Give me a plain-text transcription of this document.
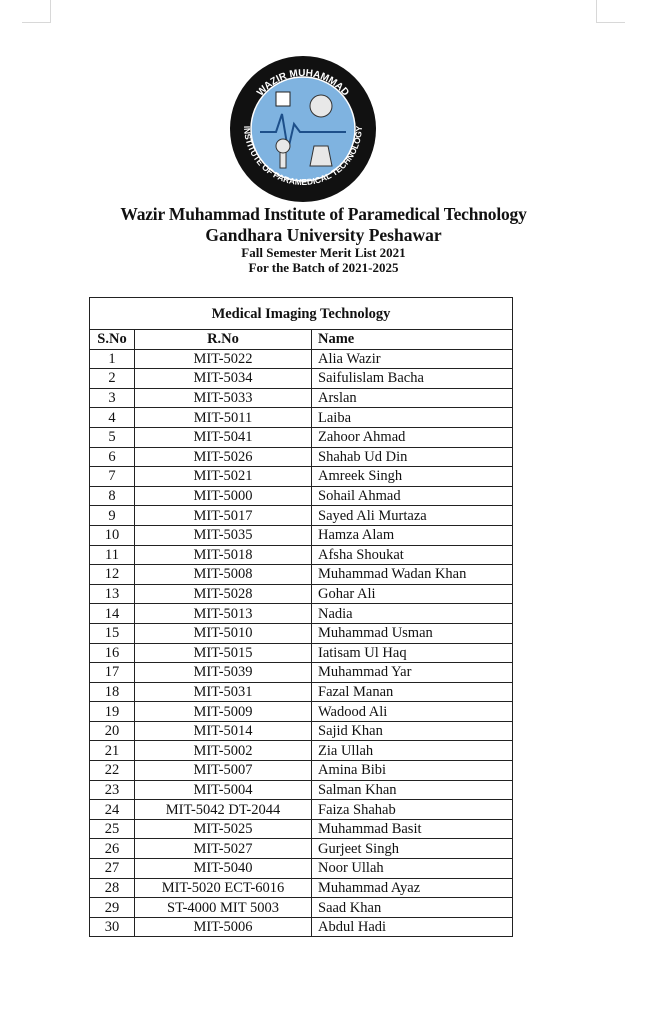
WAZIR MUHAMMAD
INSTITUTE OF PARAMEDICAL TECHNOLOGY
Wazir Muhammad Institute of Paramedical Technology
Gandhara University Peshawar
Fall Semester Merit List 2021
For the Batch of 2021-2025
Medical Imaging Technology		
S.No	R.No	Name
1	MIT-5022	Alia Wazir
2	MIT-5034	Saifulislam Bacha
3	MIT-5033	Arslan
4	MIT-5011	Laiba
5	MIT-5041	Zahoor Ahmad
6	MIT-5026	Shahab Ud Din
7	MIT-5021	Amreek Singh
8	MIT-5000	Sohail Ahmad
9	MIT-5017	Sayed Ali Murtaza
10	MIT-5035	Hamza Alam
11	MIT-5018	Afsha Shoukat
12	MIT-5008	Muhammad Wadan Khan
13	MIT-5028	Gohar Ali
14	MIT-5013	Nadia
15	MIT-5010	Muhammad Usman
16	MIT-5015	Iatisam Ul Haq
17	MIT-5039	Muhammad Yar
18	MIT-5031	Fazal Manan
19	MIT-5009	Wadood Ali
20	MIT-5014	Sajid Khan
21	MIT-5002	Zia Ullah
22	MIT-5007	Amina Bibi
23	MIT-5004	Salman Khan
24	MIT-5042 DT-2044	Faiza Shahab
25	MIT-5025	Muhammad Basit
26	MIT-5027	Gurjeet Singh
27	MIT-5040	Noor Ullah
28	MIT-5020 ECT-6016	Muhammad Ayaz
29	ST-4000 MIT 5003	Saad Khan
30	MIT-5006	Abdul Hadi
